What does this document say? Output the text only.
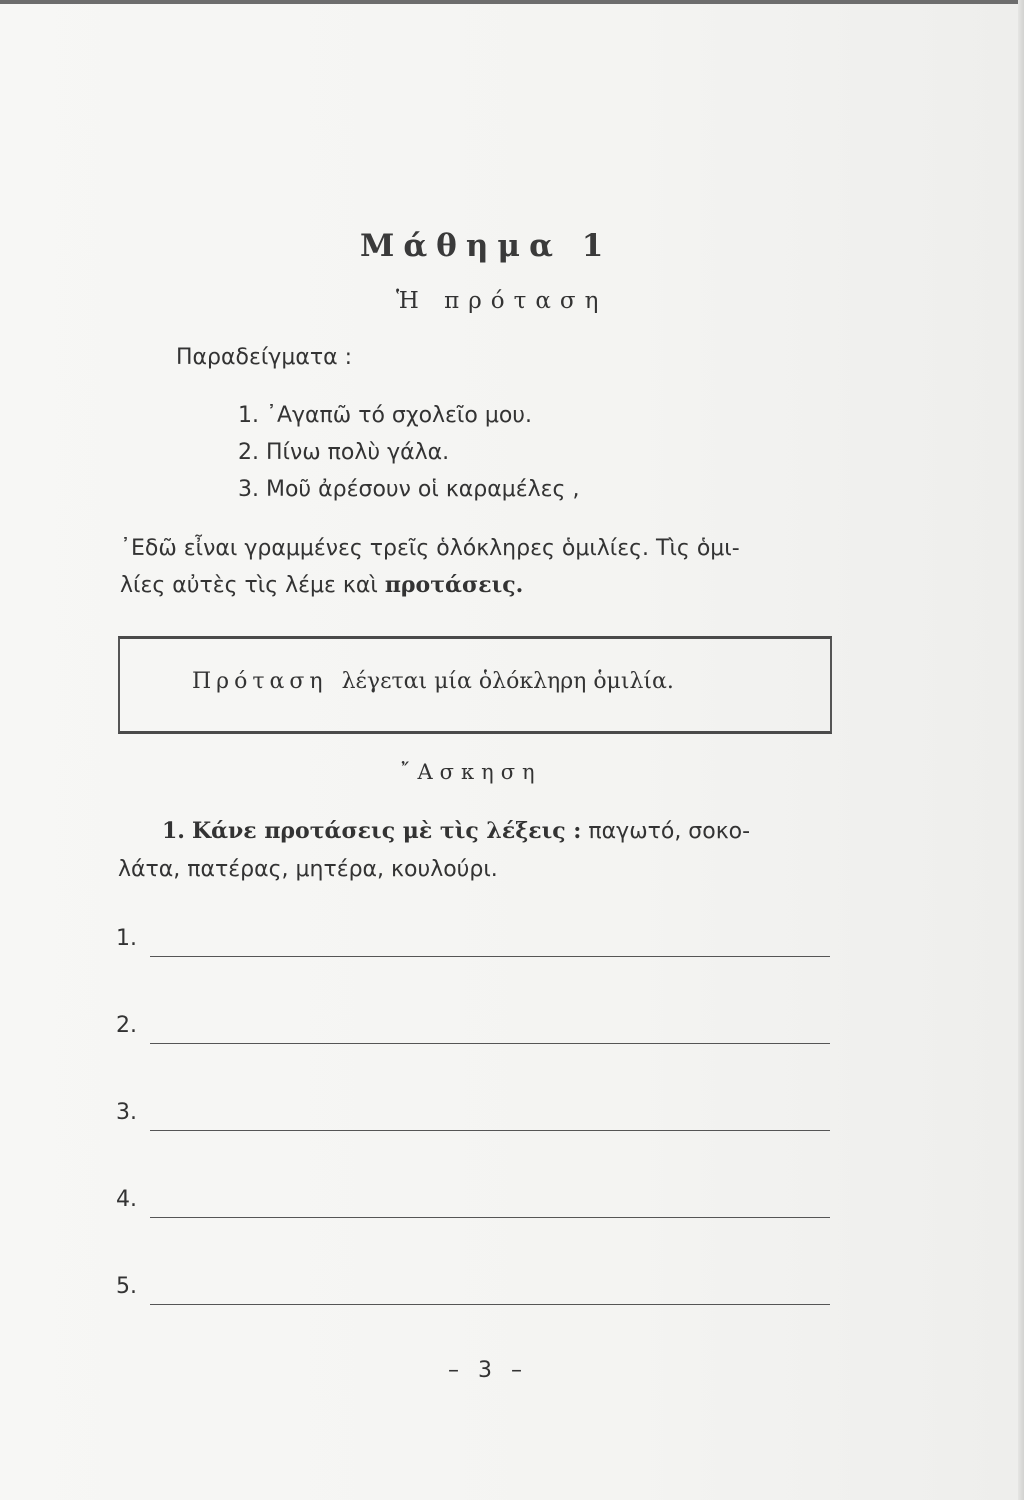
Μάθημα 1
Ἡ πρόταση
Παραδείγματα :
1. ᾿Αγαπῶ τό σχολεῖο μου.
2. Πίνω πολὺ γάλα.
3. Μοῦ ἀρέσουν οἱ καραμέλες ,
᾿Εδῶ εἶναι γραμμένες τρεῖς ὁλόκληρες ὁμιλίες. Τὶς ὁμι-
λίες αὐτὲς τὶς λέμε καὶ προτάσεις.
Πρόταση λέγεται μία ὁλόκληρη ὁμιλία.
῎Ασκηση
1. Κάνε προτάσεις μὲ τὶς λέξεις : παγωτό, σοκο-
λάτα, πατέρας, μητέρα, κουλούρι.
1.
2.
3.
4.
5.
– 3 –
